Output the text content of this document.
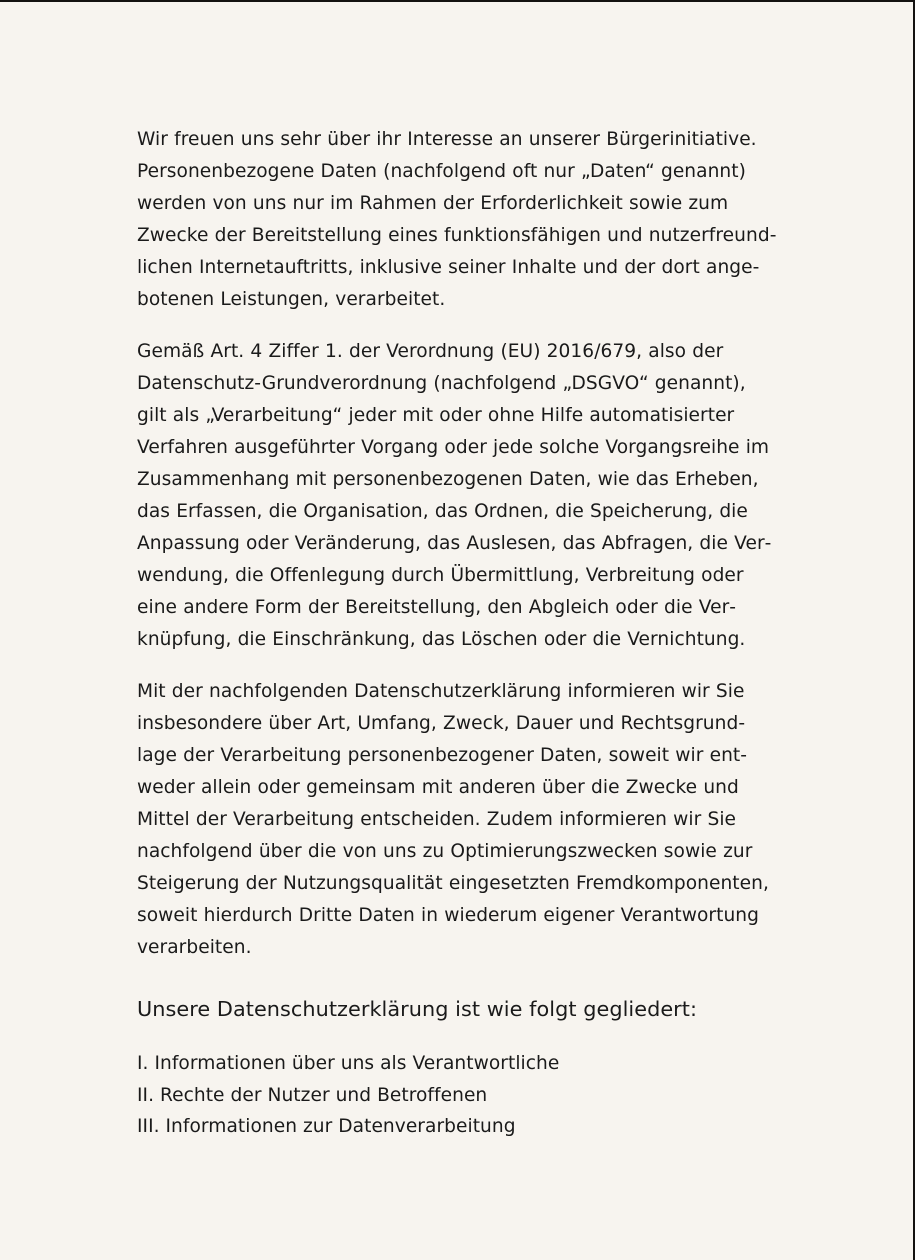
Wir freuen uns sehr über ihr Interesse an unserer Bürgerinitiative. Personenbezogene Daten (nachfolgend oft nur „Daten“ genannt) werden von uns nur im Rahmen der Erforderlichkeit sowie zum Zwecke der Bereitstellung eines funktionsfähigen und nutzerfreundlichen Internetauftritts, inklusive seiner Inhalte und der dort angebotenen Leistungen, verarbeitet.

Gemäß Art. 4 Ziffer 1. der Verordnung (EU) 2016/679, also der Datenschutz-Grundverordnung (nachfolgend „DSGVO“ genannt), gilt als „Verarbeitung“ jeder mit oder ohne Hilfe automatisierter Verfahren ausgeführter Vorgang oder jede solche Vorgangsreihe im Zusammenhang mit personenbezogenen Daten, wie das Erheben, das Erfassen, die Organisation, das Ordnen, die Speicherung, die Anpassung oder Veränderung, das Auslesen, das Abfragen, die Verwendung, die Offenlegung durch Übermittlung, Verbreitung oder eine andere Form der Bereitstellung, den Abgleich oder die Verknüpfung, die Einschränkung, das Löschen oder die Vernichtung.

Mit der nachfolgenden Datenschutzerklärung informieren wir Sie insbesondere über Art, Umfang, Zweck, Dauer und Rechtsgrundlage der Verarbeitung personenbezogener Daten, soweit wir entweder allein oder gemeinsam mit anderen über die Zwecke und Mittel der Verarbeitung entscheiden. Zudem informieren wir Sie nachfolgend über die von uns zu Optimierungszwecken sowie zur Steigerung der Nutzungsqualität eingesetzten Fremdkomponenten, soweit hierdurch Dritte Daten in wiederum eigener Verantwortung verarbeiten.

Unsere Datenschutzerklärung ist wie folgt gegliedert:
I. Informationen über uns als Verantwortliche
II. Rechte der Nutzer und Betroffenen
III. Informationen zur Datenverarbeitung
